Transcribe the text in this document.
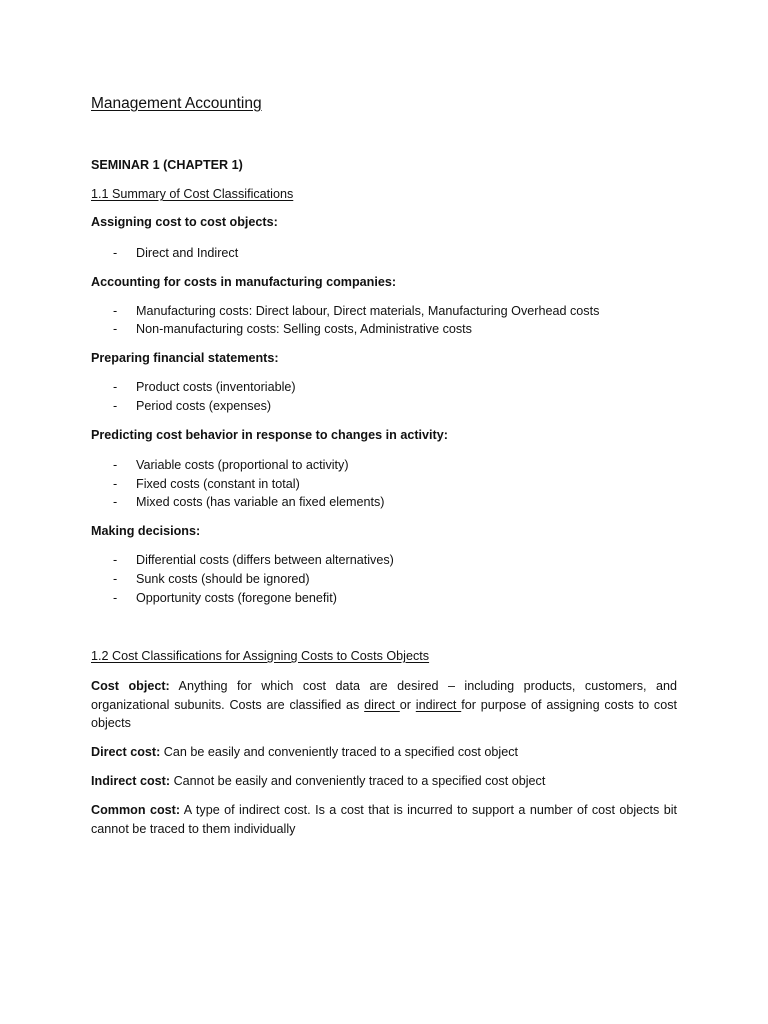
Management Accounting
SEMINAR 1 (CHAPTER 1)
1.1 Summary of Cost Classifications
Assigning cost to cost objects:
- Direct and Indirect
Accounting for costs in manufacturing companies:
- Manufacturing costs: Direct labour, Direct materials, Manufacturing Overhead costs
- Non-manufacturing costs: Selling costs, Administrative costs
Preparing financial statements:
- Product costs (inventoriable)
- Period costs (expenses)
Predicting cost behavior in response to changes in activity:
- Variable costs (proportional to activity)
- Fixed costs (constant in total)
- Mixed costs (has variable an fixed elements)
Making decisions:
- Differential costs (differs between alternatives)
- Sunk costs (should be ignored)
- Opportunity costs (foregone benefit)
1.2 Cost Classifications for Assigning Costs to Costs Objects
Cost object: Anything for which cost data are desired – including products, customers, and organizational subunits. Costs are classified as direct or indirect for purpose of assigning costs to cost objects
Direct cost: Can be easily and conveniently traced to a specified cost object
Indirect cost: Cannot be easily and conveniently traced to a specified cost object
Common cost: A type of indirect cost. Is a cost that is incurred to support a number of cost objects bit cannot be traced to them individually
